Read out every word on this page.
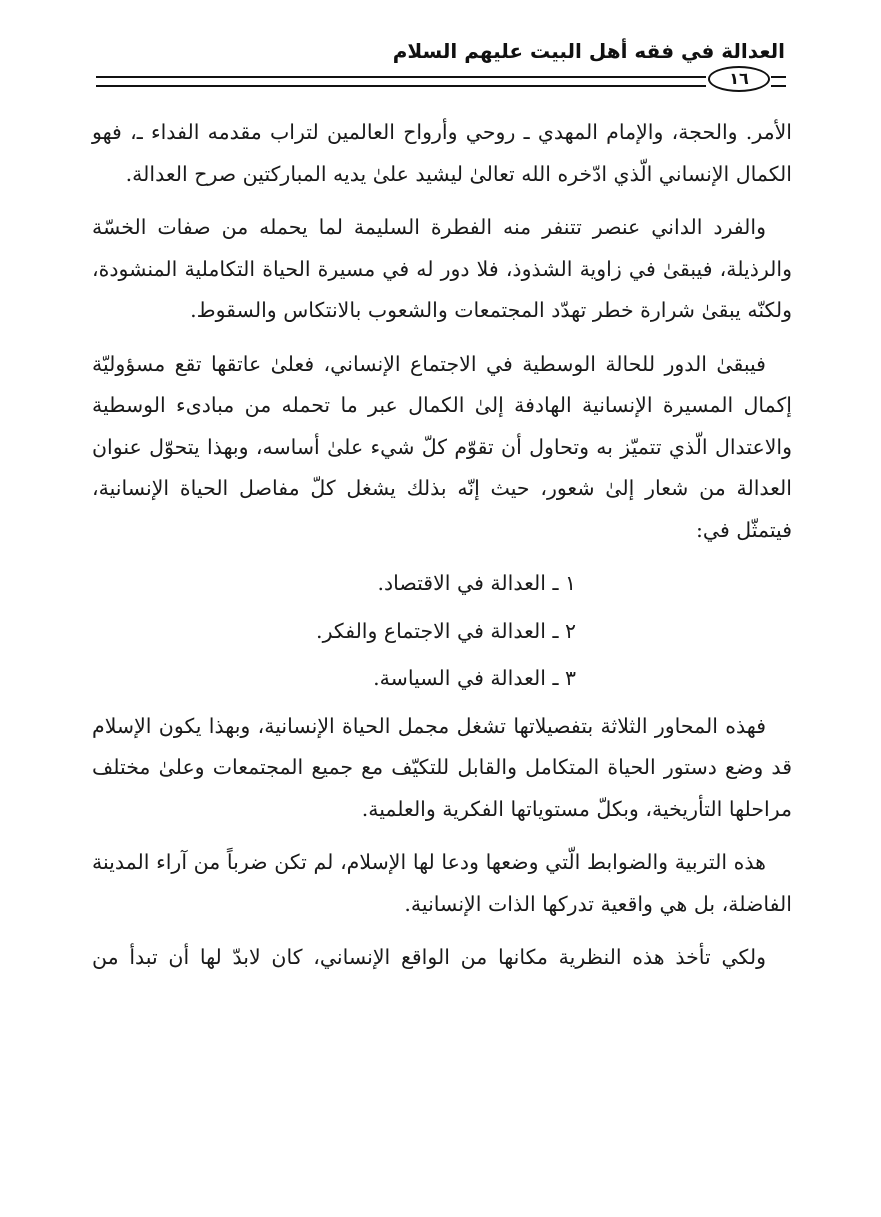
العدالة في فقه أهل البيت عليهم السلام
١٦

الأمر. والحجة، والإمام المهدي ـ روحي وأرواح العالمين لتراب مقدمه الفداء ـ، فهو الكمال الإنساني الّذي ادّخره الله تعالىٰ ليشيد علىٰ يديه المباركتين صرح العدالة.

والفرد الداني عنصر تتنفر منه الفطرة السليمة لما يحمله من صفات الخسّة والرذيلة، فيبقىٰ في زاوية الشذوذ، فلا دور له في مسيرة الحياة التكاملية المنشودة، ولكنّه يبقىٰ شرارة خطر تهدّد المجتمعات والشعوب بالانتكاس والسقوط.

فيبقىٰ الدور للحالة الوسطية في الاجتماع الإنساني، فعلىٰ عاتقها تقع مسؤوليّة إكمال المسيرة الإنسانية الهادفة إلىٰ الكمال عبر ما تحمله من مبادىء الوسطية والاعتدال الّذي تتميّز به وتحاول أن تقوّم كلّ شيء علىٰ أساسه، وبهذا يتحوّل عنوان العدالة من شعار إلىٰ شعور، حيث إنّه بذلك يشغل كلّ مفاصل الحياة الإنسانية، فيتمثّل في:

١ ـ العدالة في الاقتصاد.

٢ ـ العدالة في الاجتماع والفكر.

٣ ـ العدالة في السياسة.

فهذه المحاور الثلاثة بتفصيلاتها تشغل مجمل الحياة الإنسانية، وبهذا يكون الإسلام قد وضع دستور الحياة المتكامل والقابل للتكيّف مع جميع المجتمعات وعلىٰ مختلف مراحلها التأريخية، وبكلّ مستوياتها الفكرية والعلمية.

هذه التربية والضوابط الّتي وضعها ودعا لها الإسلام، لم تكن ضرباً من آراء المدينة الفاضلة، بل هي واقعية تدركها الذات الإنسانية.

ولكي تأخذ هذه النظرية مكانها من الواقع الإنساني، كان لابدّ لها أن تبدأ من
